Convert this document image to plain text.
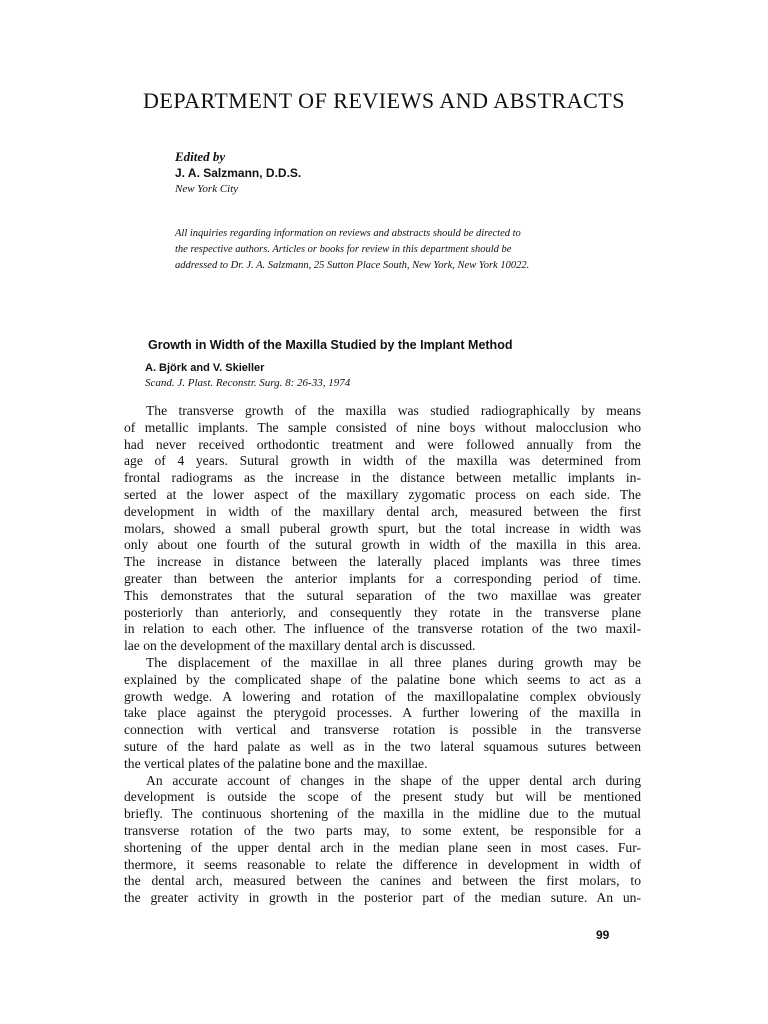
DEPARTMENT OF REVIEWS AND ABSTRACTS
Edited by
J. A. Salzmann, D.D.S.
New York City
All inquiries regarding information on reviews and abstracts should be directed to
the respective authors. Articles or books for review in this department should be
addressed to Dr. J. A. Salzmann, 25 Sutton Place South, New York, New York 10022.
Growth in Width of the Maxilla Studied by the Implant Method
A. Björk and V. Skieller
Scand. J. Plast. Reconstr. Surg. 8: 26-33, 1974
The transverse growth of the maxilla was studied radiographically by means
of metallic implants. The sample consisted of nine boys without malocclusion who
had never received orthodontic treatment and were followed annually from the
age of 4 years. Sutural growth in width of the maxilla was determined from
frontal radiograms as the increase in the distance between metallic implants in-
serted at the lower aspect of the maxillary zygomatic process on each side. The
development in width of the maxillary dental arch, measured between the first
molars, showed a small puberal growth spurt, but the total increase in width was
only about one fourth of the sutural growth in width of the maxilla in this area.
The increase in distance between the laterally placed implants was three times
greater than between the anterior implants for a corresponding period of time.
This demonstrates that the sutural separation of the two maxillae was greater
posteriorly than anteriorly, and consequently they rotate in the transverse plane
in relation to each other. The influence of the transverse rotation of the two maxil-
lae on the development of the maxillary dental arch is discussed.
The displacement of the maxillae in all three planes during growth may be
explained by the complicated shape of the palatine bone which seems to act as a
growth wedge. A lowering and rotation of the maxillopalatine complex obviously
take place against the pterygoid processes. A further lowering of the maxilla in
connection with vertical and transverse rotation is possible in the transverse
suture of the hard palate as well as in the two lateral squamous sutures between
the vertical plates of the palatine bone and the maxillae.
An accurate account of changes in the shape of the upper dental arch during
development is outside the scope of the present study but will be mentioned
briefly. The continuous shortening of the maxilla in the midline due to the mutual
transverse rotation of the two parts may, to some extent, be responsible for a
shortening of the upper dental arch in the median plane seen in most cases. Fur-
thermore, it seems reasonable to relate the difference in development in width of
the dental arch, measured between the canines and between the first molars, to
the greater activity in growth in the posterior part of the median suture. An un-
99
